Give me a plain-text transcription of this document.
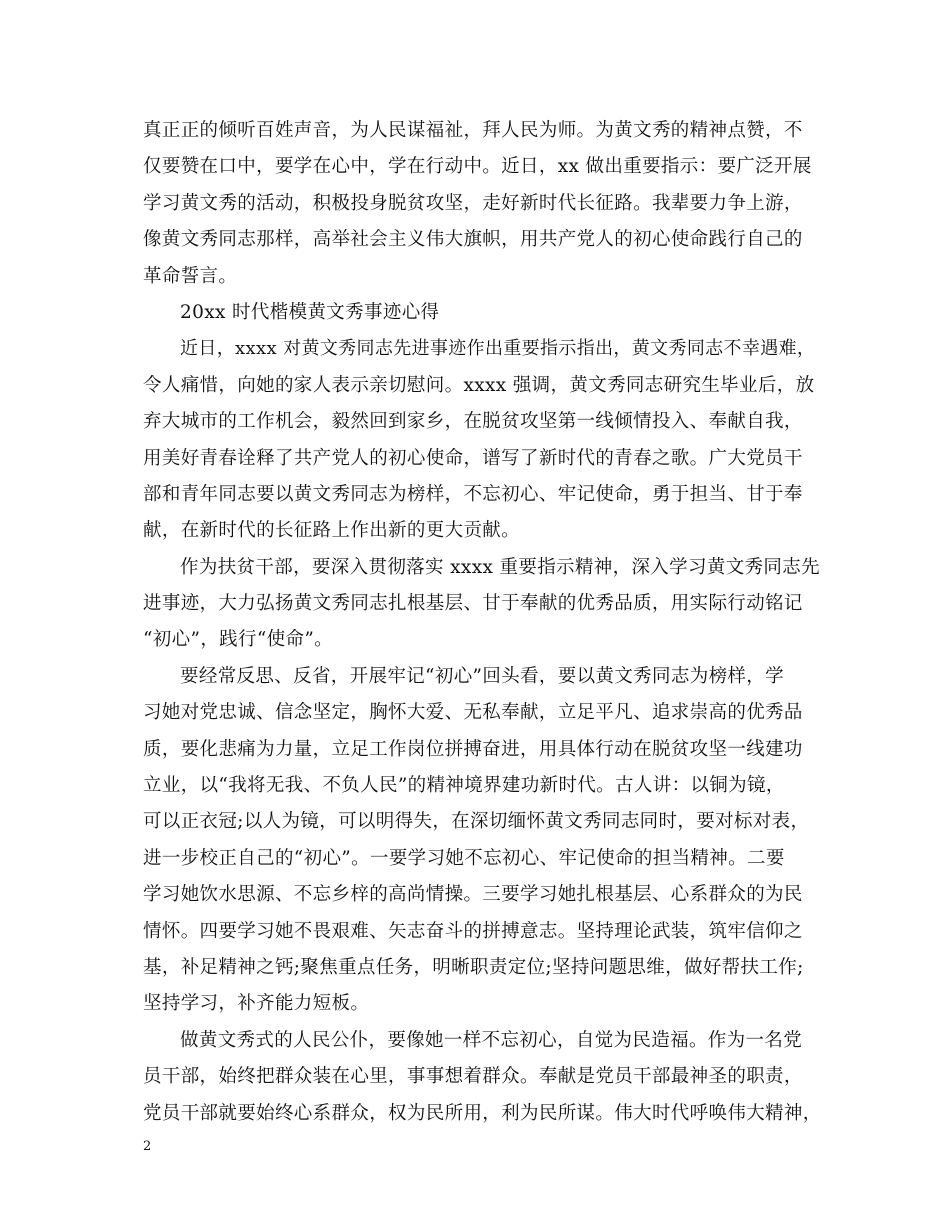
真正正的倾听百姓声音，为人民谋福祉，拜人民为师。为黄文秀的精神点赞，不
仅要赞在口中，要学在心中，学在行动中。近日，xx 做出重要指示：要广泛开展
学习黄文秀的活动，积极投身脱贫攻坚，走好新时代长征路。我辈要力争上游，
像黄文秀同志那样，高举社会主义伟大旗帜，用共产党人的初心使命践行自己的
革命誓言。
20xx 时代楷模黄文秀事迹心得
近日，xxxx 对黄文秀同志先进事迹作出重要指示指出，黄文秀同志不幸遇难，
令人痛惜，向她的家人表示亲切慰问。xxxx 强调，黄文秀同志研究生毕业后，放
弃大城市的工作机会，毅然回到家乡，在脱贫攻坚第一线倾情投入、奉献自我，
用美好青春诠释了共产党人的初心使命，谱写了新时代的青春之歌。广大党员干
部和青年同志要以黄文秀同志为榜样，不忘初心、牢记使命，勇于担当、甘于奉
献，在新时代的长征路上作出新的更大贡献。
作为扶贫干部，要深入贯彻落实 xxxx 重要指示精神，深入学习黄文秀同志先
进事迹，大力弘扬黄文秀同志扎根基层、甘于奉献的优秀品质，用实际行动铭记
“初心”，践行“使命”。
要经常反思、反省，开展牢记“初心”回头看，要以黄文秀同志为榜样，学
习她对党忠诚、信念坚定，胸怀大爱、无私奉献，立足平凡、追求崇高的优秀品
质，要化悲痛为力量，立足工作岗位拼搏奋进，用具体行动在脱贫攻坚一线建功
立业，以“我将无我、不负人民”的精神境界建功新时代。古人讲：以铜为镜，
可以正衣冠;以人为镜，可以明得失，在深切缅怀黄文秀同志同时，要对标对表，
进一步校正自己的“初心”。一要学习她不忘初心、牢记使命的担当精神。二要
学习她饮水思源、不忘乡梓的高尚情操。三要学习她扎根基层、心系群众的为民
情怀。四要学习她不畏艰难、矢志奋斗的拼搏意志。坚持理论武装，筑牢信仰之
基，补足精神之钙;聚焦重点任务，明晰职责定位;坚持问题思维，做好帮扶工作;
坚持学习，补齐能力短板。
做黄文秀式的人民公仆，要像她一样不忘初心，自觉为民造福。作为一名党
员干部，始终把群众装在心里，事事想着群众。奉献是党员干部最神圣的职责，
党员干部就要始终心系群众，权为民所用，利为民所谋。伟大时代呼唤伟大精神，
2
